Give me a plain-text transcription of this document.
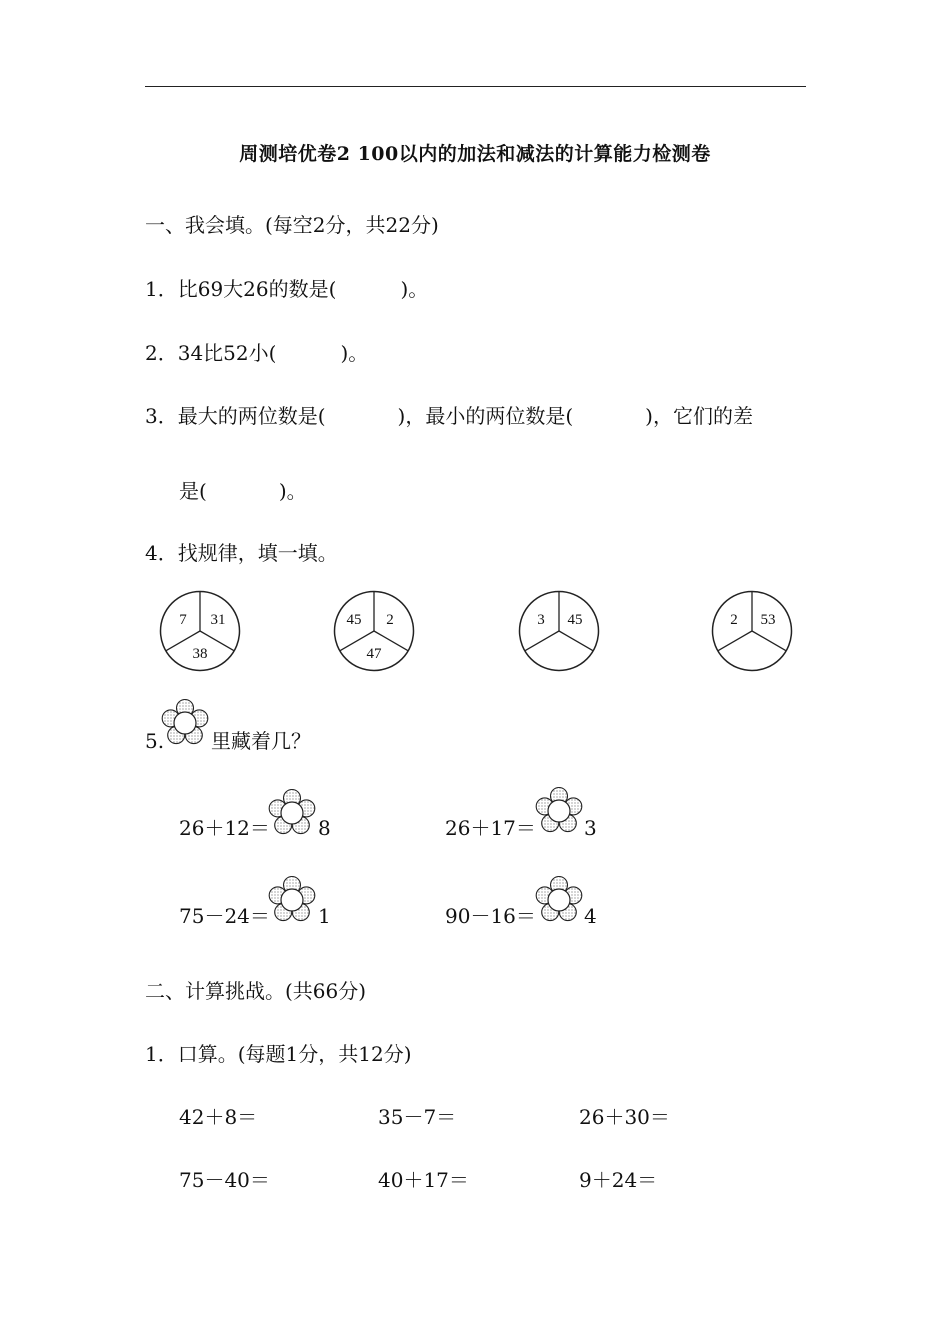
周测培优卷2 100以内的加法和减法的计算能力检测卷
一、我会填。(每空2分，共22分)
1．比69大26的数是(	)。
2．34比52小(	)。
3．最大的两位数是(	)，最小的两位数是(	)，它们的差
是(	)。
4．找规律，填一填。
7 31
38
45 2
47
3 45	2 53
5. 里藏着几？
26＋12＝ 8	26＋17＝ 3
75－24＝ 1	90－16＝ 4
二、计算挑战。(共66分)
1．口算。(每题1分，共12分)
42＋8＝	35－7＝	26＋30＝
75－40＝	40＋17＝	9＋24＝
